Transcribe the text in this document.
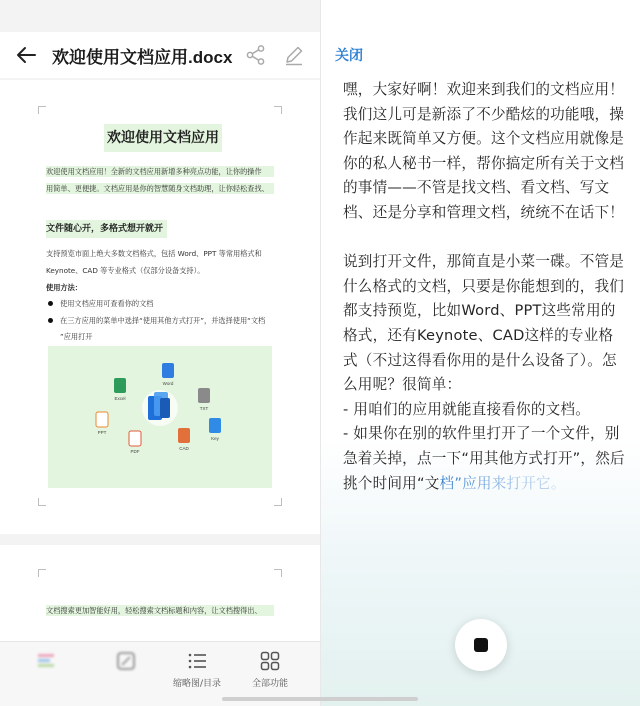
欢迎使用文档应用.docx
欢迎使用文档应用
欢迎使用文档应用！全新的文档应用新增多种亮点功能，让你的操作
用简单、更便捷。文档应用是你的智慧随身文档助理，让你轻松查找、
文件随心开，多格式想开就开
支持预览市面上绝大多数文档格式，包括 Word、PPT 等常用格式和
Keynote、CAD 等专业格式（仅部分设备支持）。
使用方法：
使用文档应用可查看你的文档
在三方应用的菜单中选择“使用其他方式打开”，并选择使用“文档
”应用打开
Word
TXT
Key
CAD
PDF
PPT
Excel
文档搜索更加智能好用，轻松搜索文档标题和内容，让文档搜得出、
缩略图/目录	全部功能
关闭
嘿，大家好啊！欢迎来到我们的文档应用！我们这儿可是新添了不少酷炫的功能哦，操作起来既简单又方便。这个文档应用就像是你的私人秘书一样，帮你搞定所有关于文档的事情——不管是找文档、看文档、写文档、还是分享和管理文档，统统不在话下！

说到打开文件，那简直是小菜一碟。不管是什么格式的文档，只要是你能想到的，我们都支持预览，比如Word、PPT这些常用的格式，还有Keynote、CAD这样的专业格式（不过这得看你用的是什么设备了）。怎么用呢？很简单：
- 用咱们的应用就能直接看你的文档。
- 如果你在别的软件里打开了一个文件，别急着关掉，点一下“用其他方式打开”，然后挑个时间用“文档”应用来打开它。
